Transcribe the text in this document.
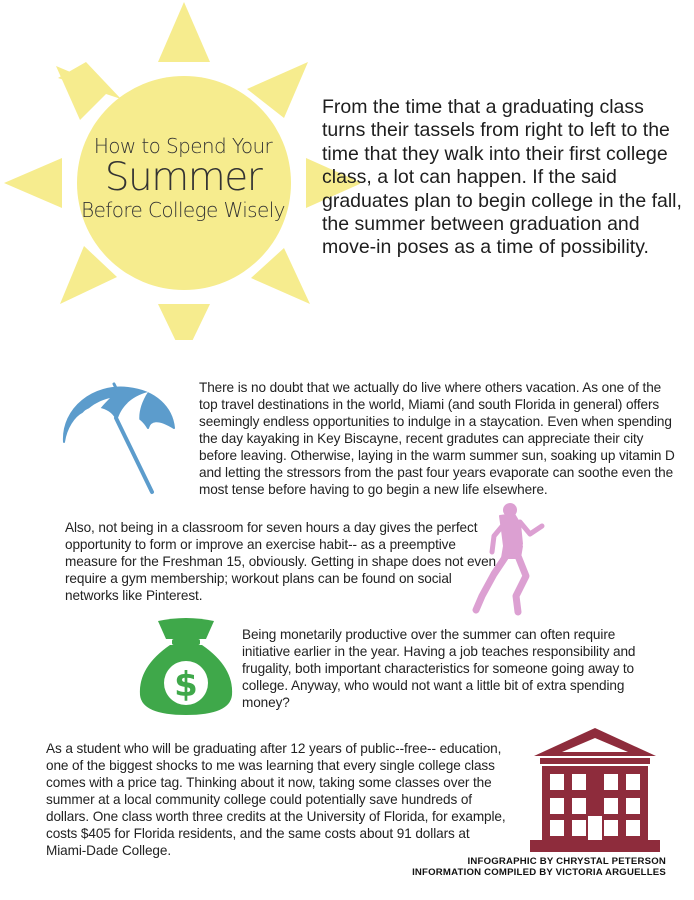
How to Spend Your
Summer
Before College Wisely
From the time that a graduating class turns their tassels from right to left to the time that they walk into their first college class, a lot can happen. If the said graduates plan to begin college in the fall, the summer between graduation and move-in poses as a time of possibility.
There is no doubt that we actually do live where others vacation. As one of the top travel destinations in the world, Miami (and south Florida in general) offers seemingly endless opportunities to indulge in a staycation. Even when spending the day kayaking in Key Biscayne, recent gradutes can appreciate their city before leaving. Otherwise, laying in the warm summer sun, soaking up vitamin D and letting the stressors from the past four years evaporate can soothe even the most tense before having to go begin a new life elsewhere.
Also, not being in a classroom for seven hours a day gives the perfect opportunity to form or improve an exercise habit-- as a preemptive measure for the Freshman 15, obviously. Getting in shape does not even require a gym membership; workout plans can be found on social networks like Pinterest.
$
Being monetarily productive over the summer can often require initiative earlier in the year. Having a job teaches responsibility and frugality, both important characteristics for someone going away to college. Anyway, who would not want a little bit of extra spending money?
As a student who will be graduating after 12 years of public--free-- education, one of the biggest shocks to me was learning that every single college class comes with a price tag. Thinking about it now, taking some classes over the summer at a local community college could potentially save hundreds of dollars. One class worth three credits at the University of Florida, for example, costs $405 for Florida residents, and the same costs about 91 dollars at Miami-Dade College.
INFOGRAPHIC BY CHRYSTAL PETERSON
INFORMATION COMPILED BY VICTORIA ARGUELLES
